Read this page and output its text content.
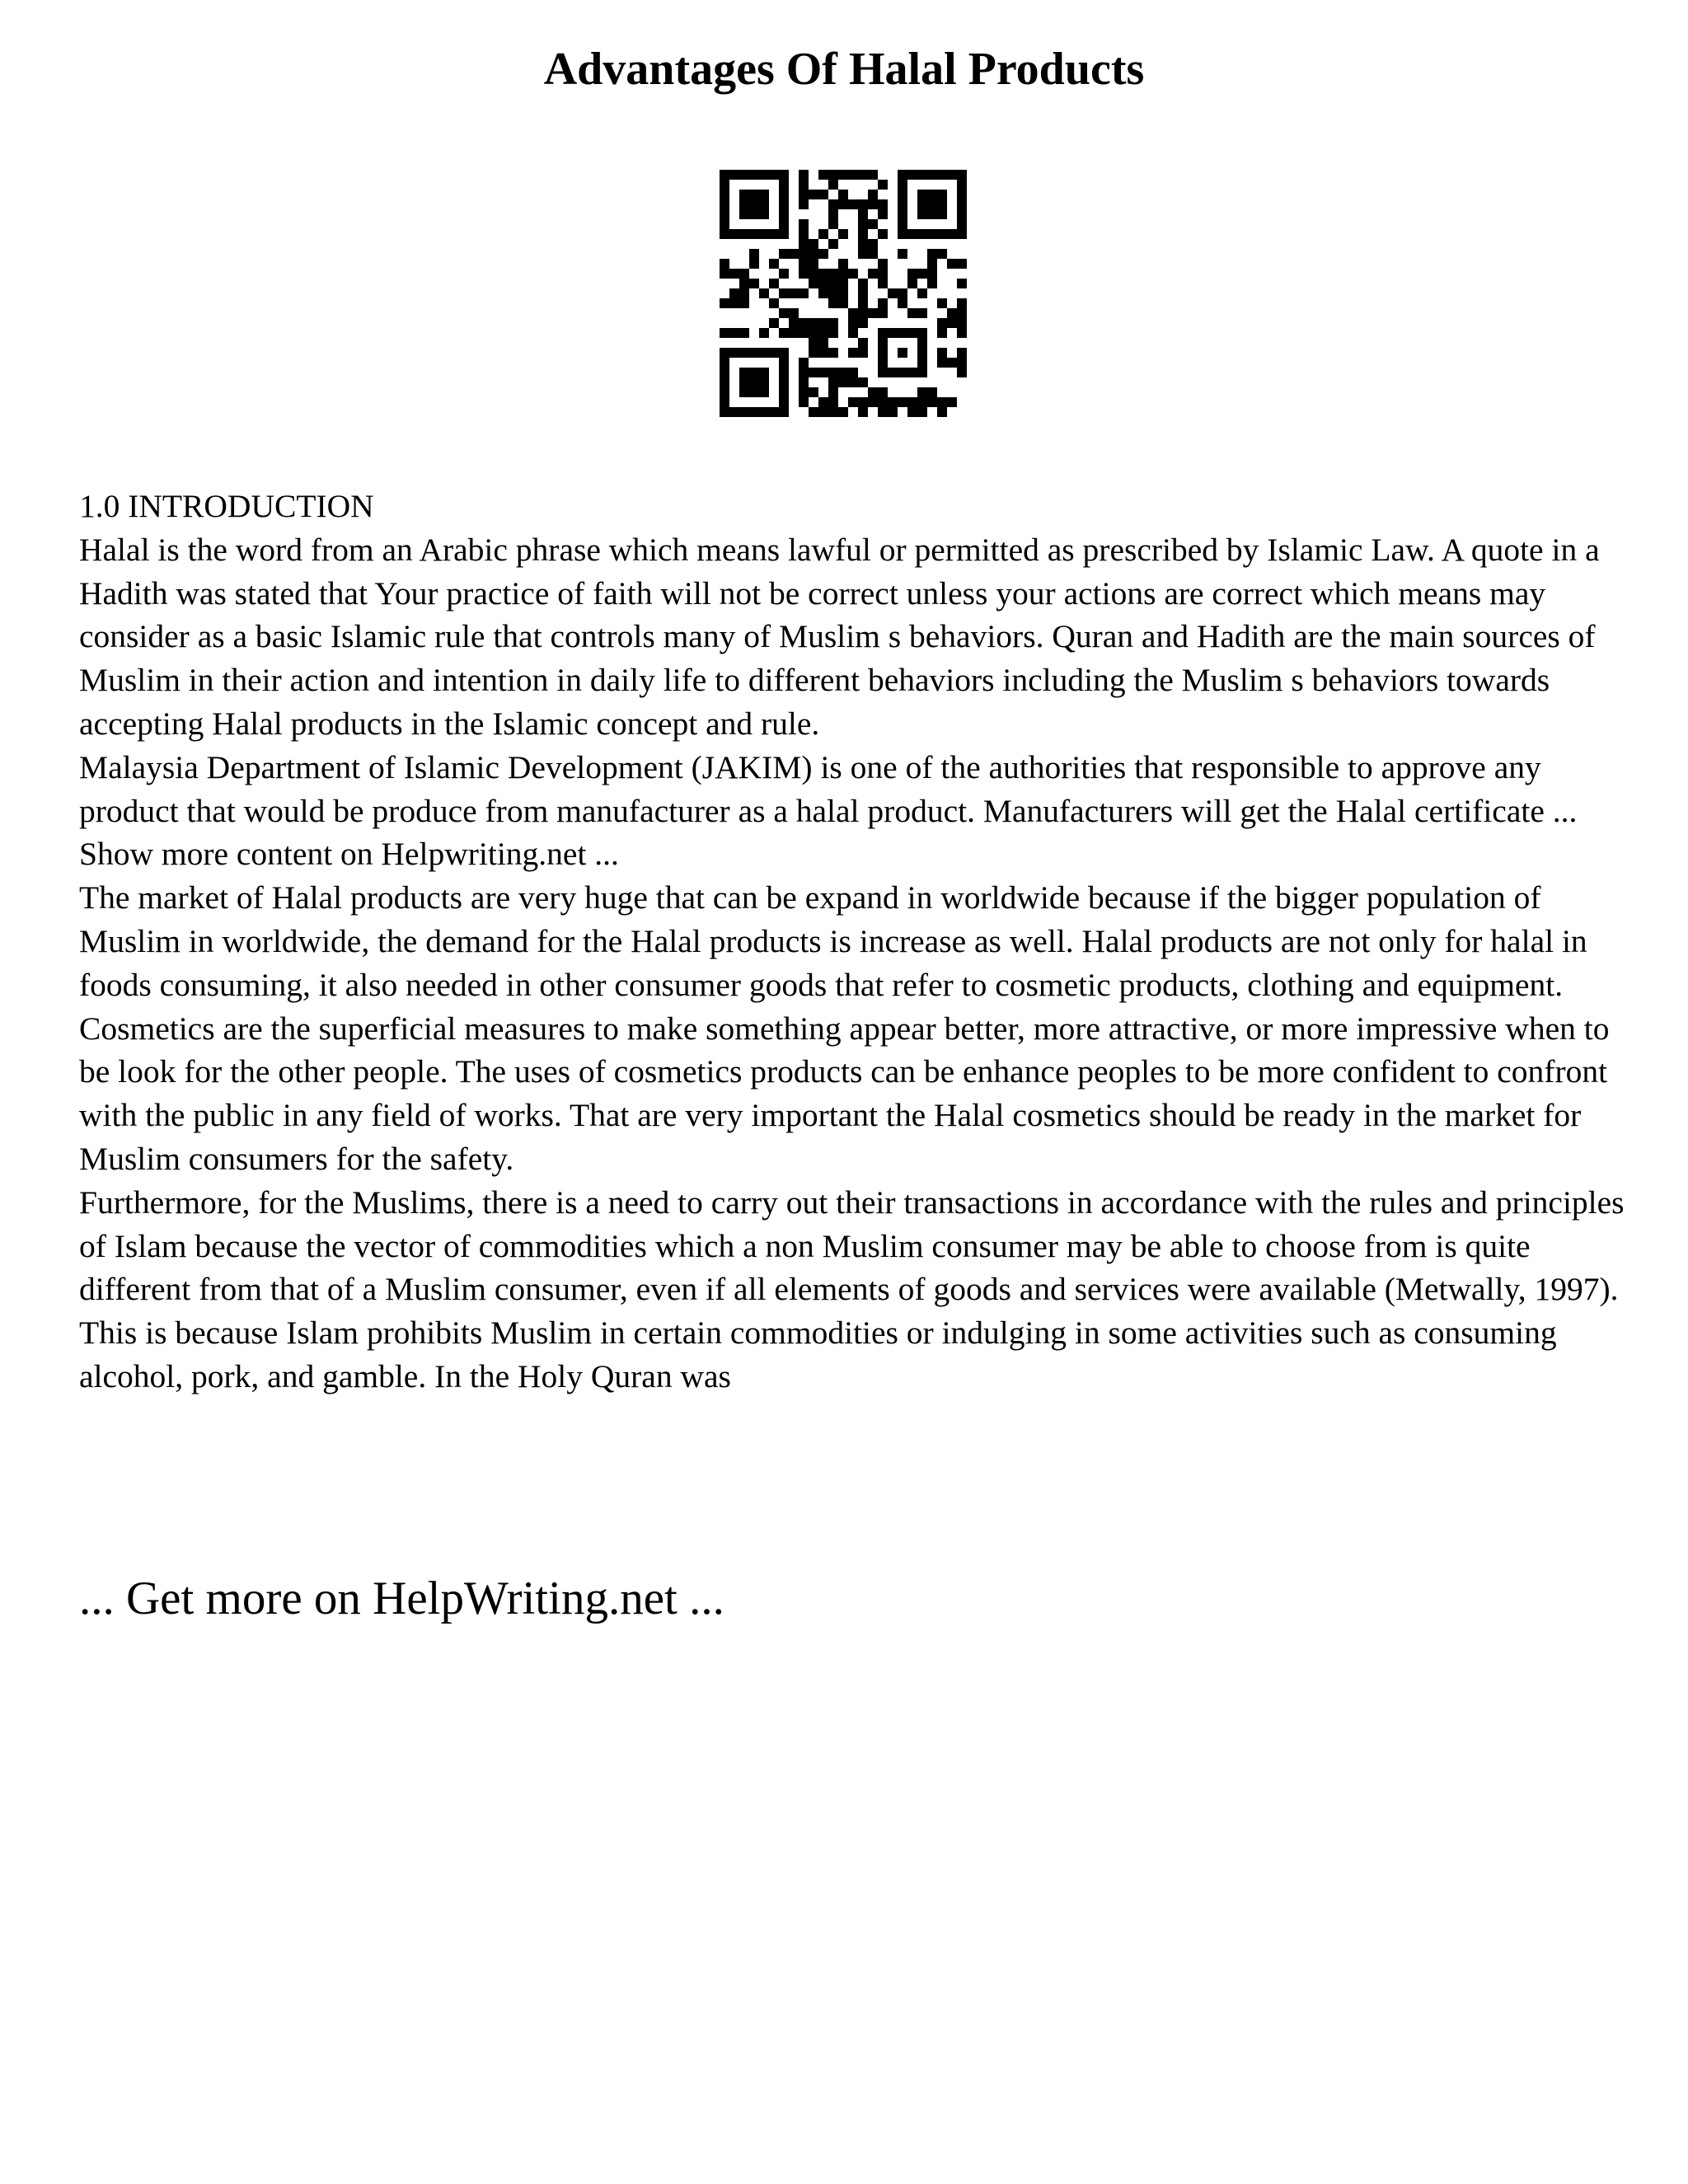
Advantages Of Halal Products

1.0 INTRODUCTION

Halal is the word from an Arabic phrase which means lawful or permitted as prescribed by Islamic Law. A quote in a Hadith was stated that Your practice of faith will not be correct unless your actions are correct which means may consider as a basic Islamic rule that controls many of Muslim s behaviors. Quran and Hadith are the main sources of Muslim in their action and intention in daily life to different behaviors including the Muslim s behaviors towards accepting Halal products in the Islamic concept and rule.

Malaysia Department of Islamic Development (JAKIM) is one of the authorities that responsible to approve any product that would be produce from manufacturer as a halal product. Manufacturers will get the Halal certificate ... Show more content on Helpwriting.net ...

The market of Halal products are very huge that can be expand in worldwide because if the bigger population of Muslim in worldwide, the demand for the Halal products is increase as well. Halal products are not only for halal in foods consuming, it also needed in other consumer goods that refer to cosmetic products, clothing and equipment.

Cosmetics are the superficial measures to make something appear better, more attractive, or more impressive when to be look for the other people. The uses of cosmetics products can be enhance peoples to be more confident to confront with the public in any field of works. That are very important the Halal cosmetics should be ready in the market for Muslim consumers for the safety.

Furthermore, for the Muslims, there is a need to carry out their transactions in accordance with the rules and principles of Islam because the vector of commodities which a non Muslim consumer may be able to choose from is quite different from that of a Muslim consumer, even if all elements of goods and services were available (Metwally, 1997). This is because Islam prohibits Muslim in certain commodities or indulging in some activities such as consuming alcohol, pork, and gamble. In the Holy Quran was

... Get more on HelpWriting.net ...
